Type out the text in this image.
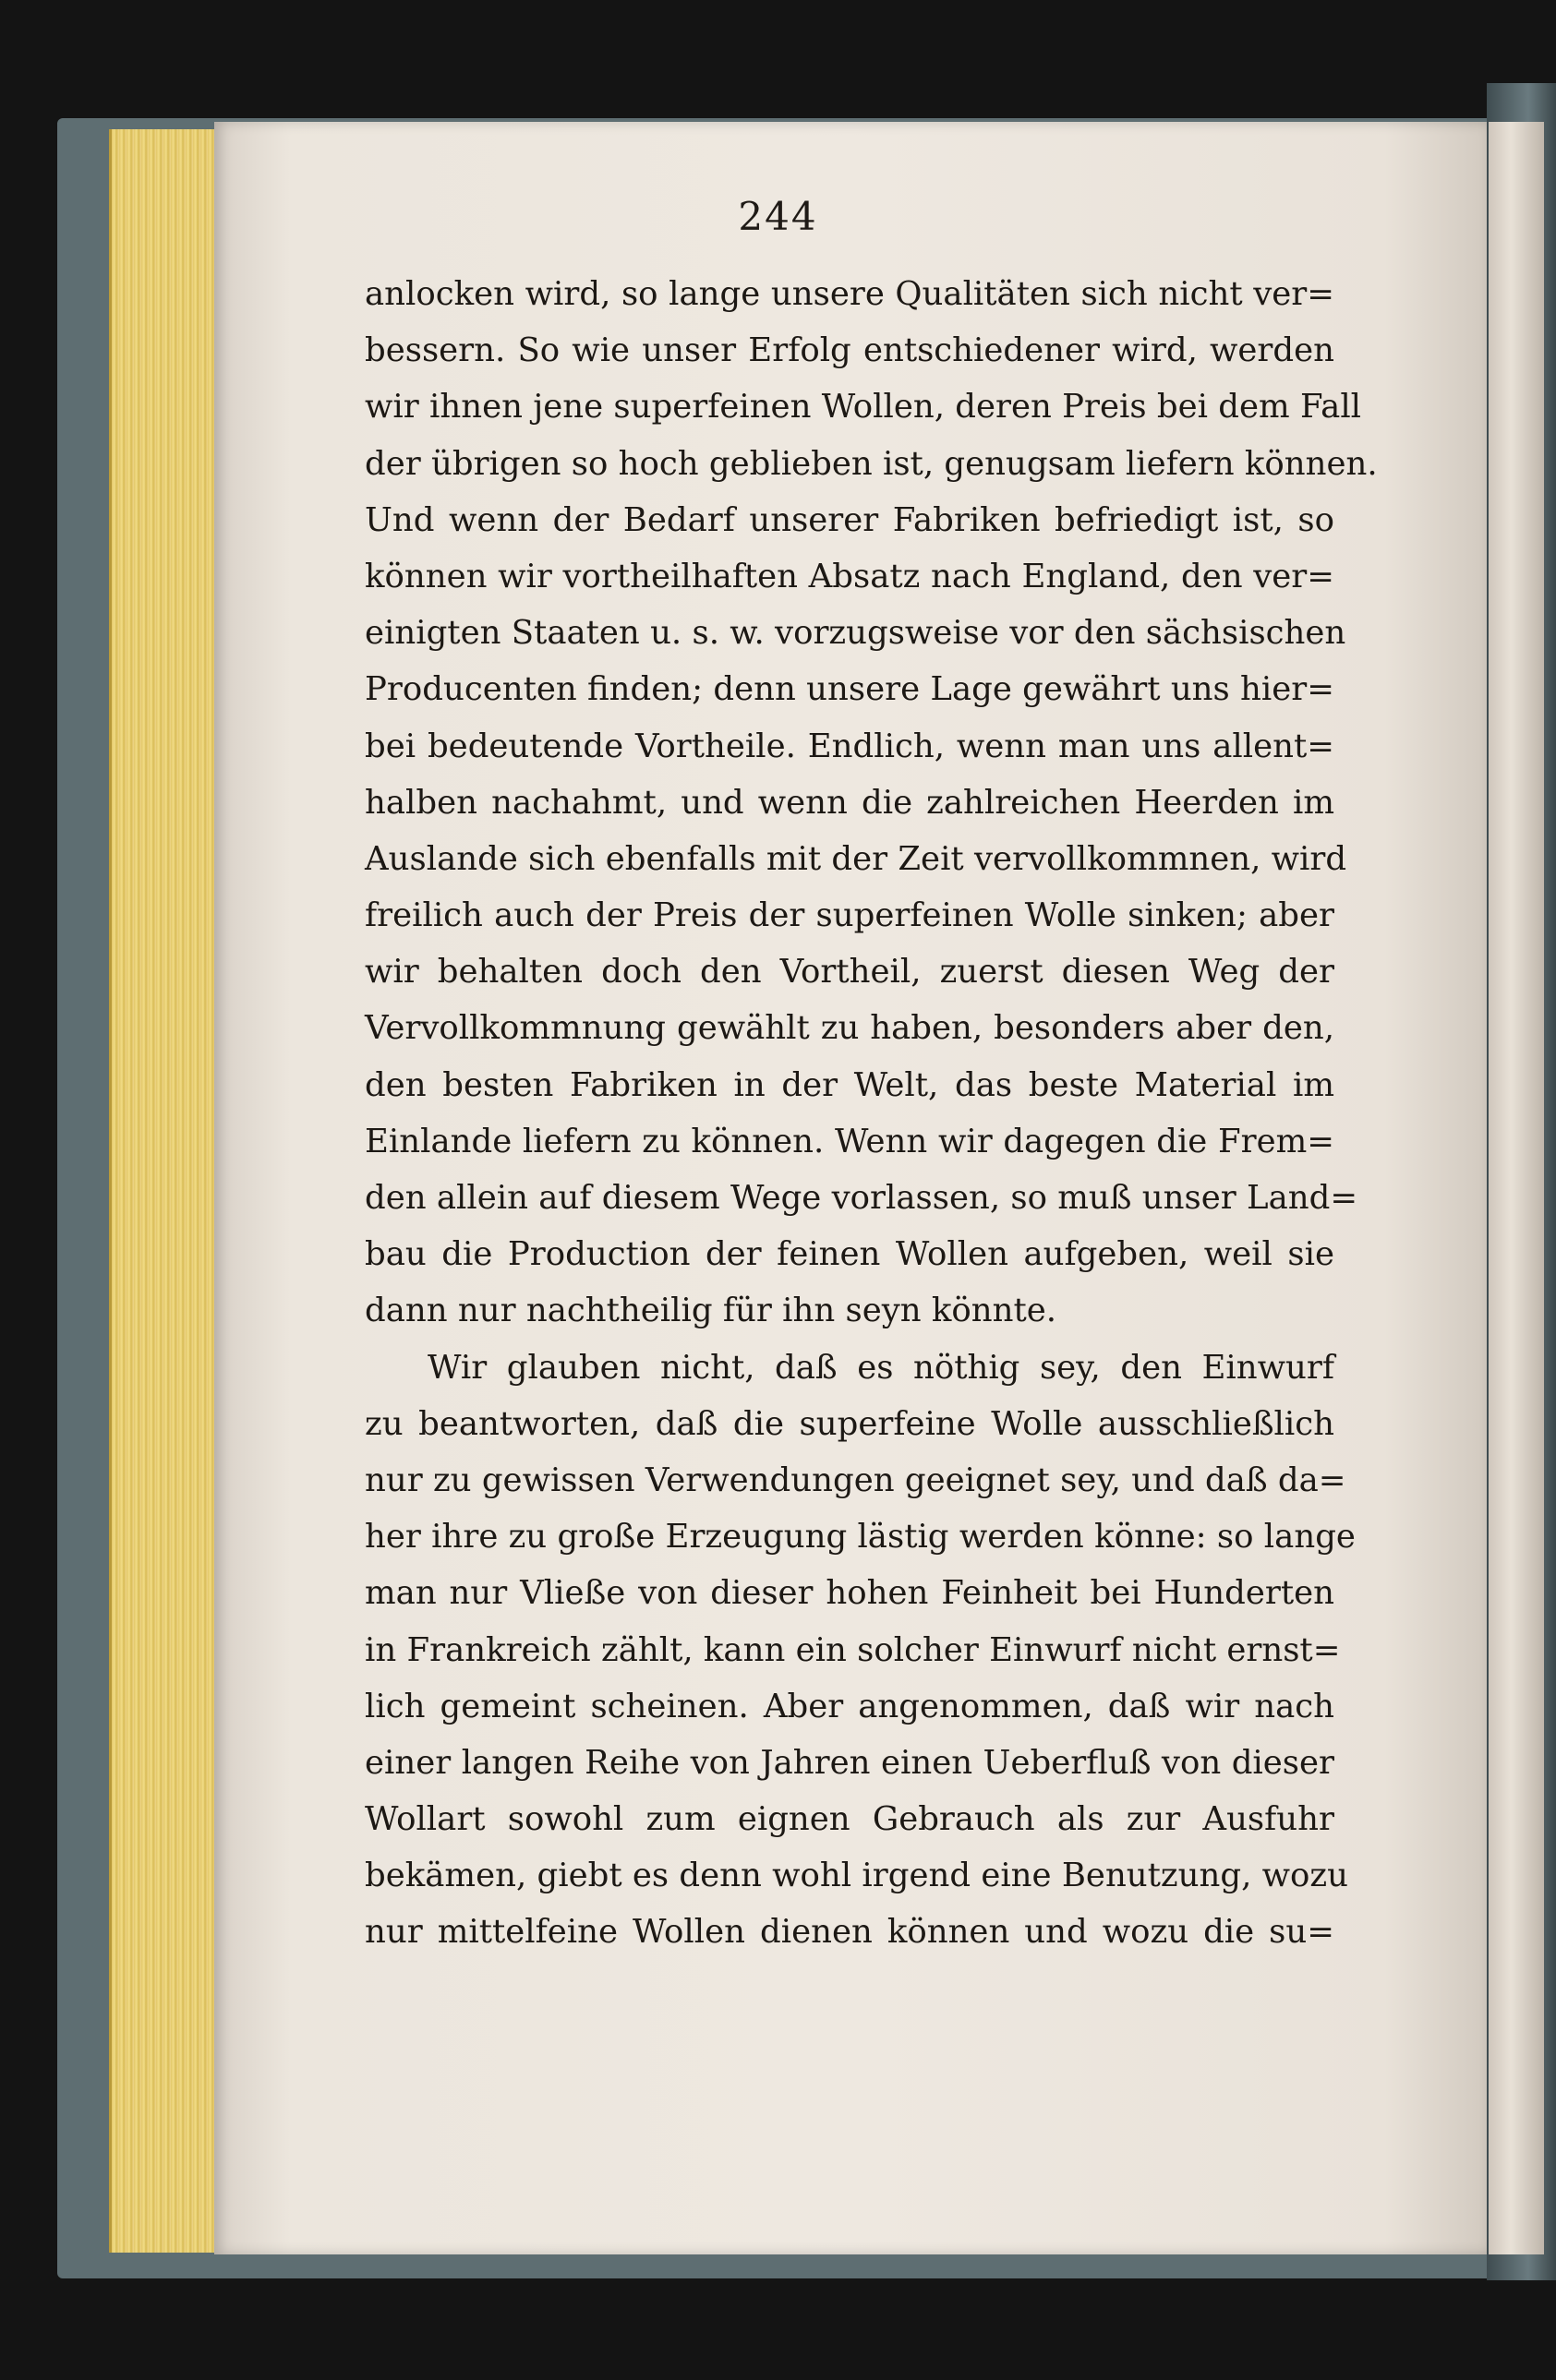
244
anlocken wird, so lange unsere Qualitäten sich nicht ver=
bessern. So wie unser Erfolg entschiedener wird, werden
wir ihnen jene superfeinen Wollen, deren Preis bei dem Fall
der übrigen so hoch geblieben ist, genugsam liefern können.
Und wenn der Bedarf unserer Fabriken befriedigt ist, so
können wir vortheilhaften Absatz nach England, den ver=
einigten Staaten u. s. w. vorzugsweise vor den sächsischen
Producenten finden; denn unsere Lage gewährt uns hier=
bei bedeutende Vortheile. Endlich, wenn man uns allent=
halben nachahmt, und wenn die zahlreichen Heerden im
Auslande sich ebenfalls mit der Zeit vervollkommnen, wird
freilich auch der Preis der superfeinen Wolle sinken; aber
wir behalten doch den Vortheil, zuerst diesen Weg der
Vervollkommnung gewählt zu haben, besonders aber den,
den besten Fabriken in der Welt, das beste Material im
Einlande liefern zu können. Wenn wir dagegen die Frem=
den allein auf diesem Wege vorlassen, so muß unser Land=
bau die Production der feinen Wollen aufgeben, weil sie
dann nur nachtheilig für ihn seyn könnte.
Wir glauben nicht, daß es nöthig sey, den Einwurf
zu beantworten, daß die superfeine Wolle ausschließlich
nur zu gewissen Verwendungen geeignet sey, und daß da=
her ihre zu große Erzeugung lästig werden könne: so lange
man nur Vließe von dieser hohen Feinheit bei Hunderten
in Frankreich zählt, kann ein solcher Einwurf nicht ernst=
lich gemeint scheinen. Aber angenommen, daß wir nach
einer langen Reihe von Jahren einen Ueberfluß von dieser
Wollart sowohl zum eignen Gebrauch als zur Ausfuhr
bekämen, giebt es denn wohl irgend eine Benutzung, wozu
nur mittelfeine Wollen dienen können und wozu die su=
